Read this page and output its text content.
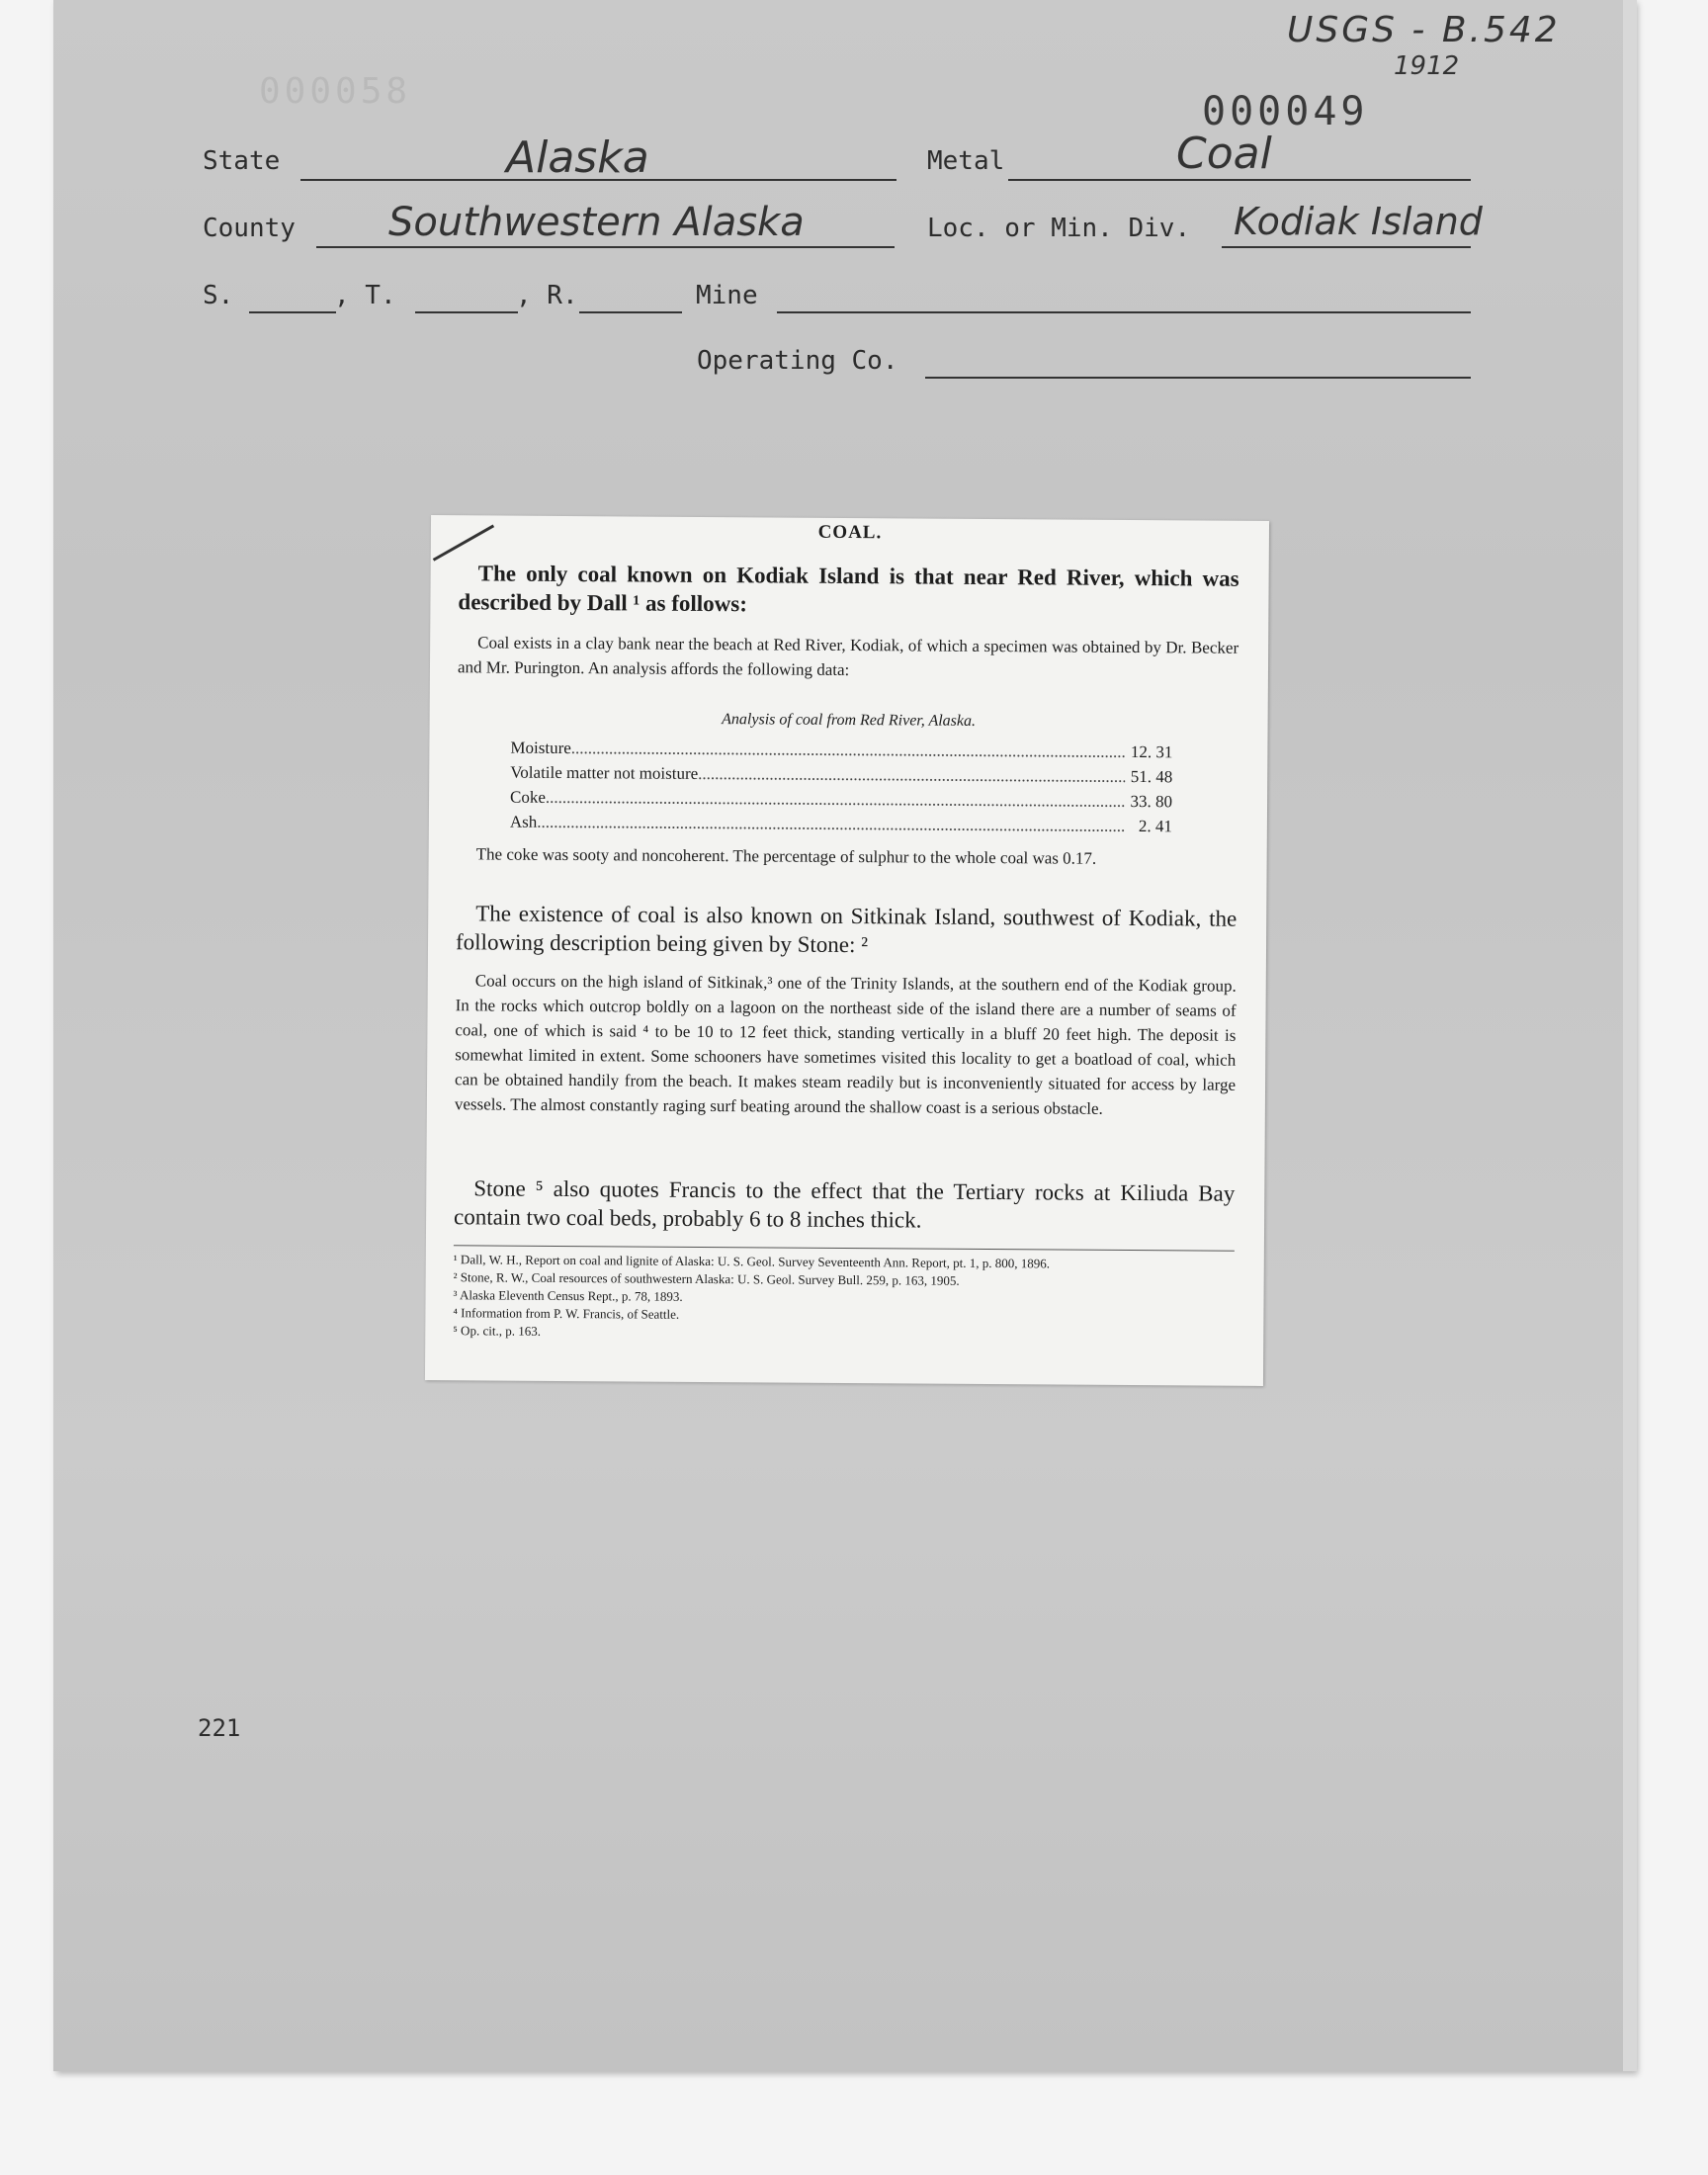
USGS - B.542
1912
000058	000049
State	Alaska	Metal	Coal
County Southwestern Alaska	Loc. or Min. Div. Kodiak Island
S.	, T.	, R.	Mine
Operating Co.
COAL.
The only coal known on Kodiak Island is that near Red River, which was described by Dall ¹ as follows:
Coal exists in a clay bank near the beach at Red River, Kodiak, of which a specimen was obtained by Dr. Becker and Mr. Purington. An analysis affords the following data:
Analysis of coal from Red River, Alaska.
Moisture .....	12. 31
Volatile matter not moisture .....	51. 48
Coke .....	33. 80
Ash .....	2. 41
The coke was sooty and noncoherent. The percentage of sulphur to the whole coal was 0.17.
The existence of coal is also known on Sitkinak Island, southwest of Kodiak, the following description being given by Stone: ²
Coal occurs on the high island of Sitkinak,³ one of the Trinity Islands, at the southern end of the Kodiak group. In the rocks which outcrop boldly on a lagoon on the northeast side of the island there are a number of seams of coal, one of which is said ⁴ to be 10 to 12 feet thick, standing vertically in a bluff 20 feet high. The deposit is somewhat limited in extent. Some schooners have sometimes visited this locality to get a boatload of coal, which can be obtained handily from the beach. It makes steam readily but is inconveniently situated for access by large vessels. The almost constantly raging surf beating around the shallow coast is a serious obstacle.
Stone ⁵ also quotes Francis to the effect that the Tertiary rocks at Kiliuda Bay contain two coal beds, probably 6 to 8 inches thick.

¹ Dall, W. H., Report on coal and lignite of Alaska: U. S. Geol. Survey Seventeenth Ann. Report, pt. 1, p. 800, 1896.

² Stone, R. W., Coal resources of southwestern Alaska: U. S. Geol. Survey Bull. 259, p. 163, 1905.

³ Alaska Eleventh Census Rept., p. 78, 1893.

⁴ Information from P. W. Francis, of Seattle.

⁵ Op. cit., p. 163.

221
